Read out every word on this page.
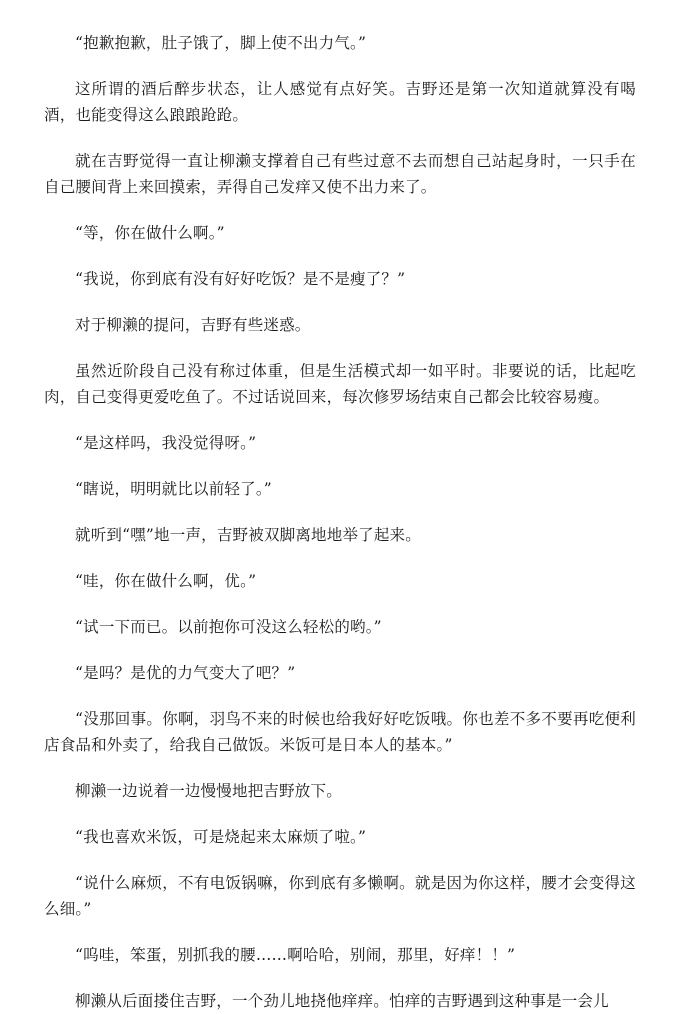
“抱歉抱歉，肚子饿了，脚上使不出力气。”

这所谓的酒后醉步状态，让人感觉有点好笑。吉野还是第一次知道就算没有喝酒，也能变得这么踉踉跄跄。

就在吉野觉得一直让柳濑支撑着自己有些过意不去而想自己站起身时，一只手在自己腰间背上来回摸索，弄得自己发痒又使不出力来了。

“等，你在做什么啊。”

“我说，你到底有没有好好吃饭？是不是瘦了？”

对于柳濑的提问，吉野有些迷惑。

虽然近阶段自己没有称过体重，但是生活模式却一如平时。非要说的话，比起吃肉，自己变得更爱吃鱼了。不过话说回来，每次修罗场结束自己都会比较容易瘦。

“是这样吗，我没觉得呀。”

“瞎说，明明就比以前轻了。”

就听到“嘿”地一声，吉野被双脚离地地举了起来。

“哇，你在做什么啊，优。”

“试一下而已。以前抱你可没这么轻松的哟。”

“是吗？是优的力气变大了吧？”

“没那回事。你啊，羽鸟不来的时候也给我好好吃饭哦。你也差不多不要再吃便利店食品和外卖了，给我自己做饭。米饭可是日本人的基本。”

柳濑一边说着一边慢慢地把吉野放下。

“我也喜欢米饭，可是烧起来太麻烦了啦。”

“说什么麻烦，不有电饭锅嘛，你到底有多懒啊。就是因为你这样，腰才会变得这么细。”

“呜哇，笨蛋，别抓我的腰……啊哈哈，别闹，那里，好痒！！”

柳濑从后面搂住吉野，一个劲儿地挠他痒痒。怕痒的吉野遇到这种事是一会儿
